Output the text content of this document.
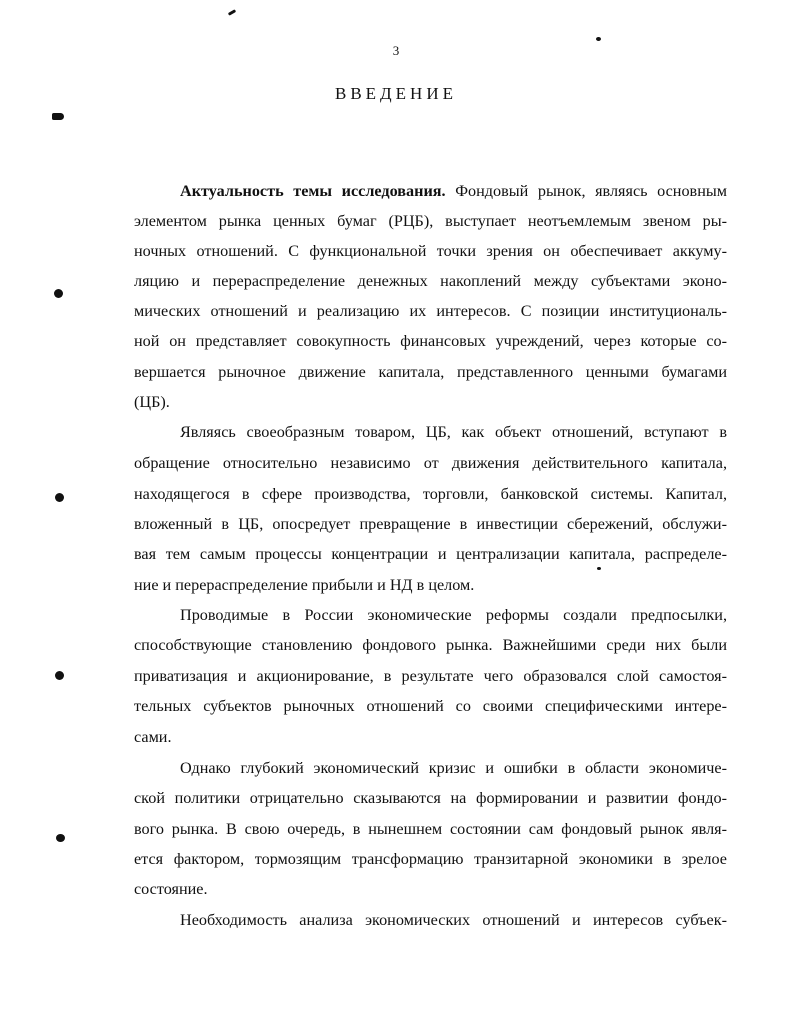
3
ВВЕДЕНИЕ
Актуальность темы исследования. Фондовый рынок, являясь основным
элементом рынка ценных бумаг (РЦБ), выступает неотъемлемым звеном ры-
ночных отношений. С функциональной точки зрения он обеспечивает аккуму-
ляцию и перераспределение денежных накоплений между субъектами эконо-
мических отношений и реализацию их интересов. С позиции институциональ-
ной он представляет совокупность финансовых учреждений, через которые со-
вершается рыночное движение капитала, представленного ценными бумагами
(ЦБ).
Являясь своеобразным товаром, ЦБ, как объект отношений, вступают в
обращение относительно независимо от движения действительного капитала,
находящегося в сфере производства, торговли, банковской системы. Капитал,
вложенный в ЦБ, опосредует превращение в инвестиции сбережений, обслужи-
вая тем самым процессы концентрации и централизации капитала, распределе-
ние и перераспределение прибыли и НД в целом.
Проводимые в России экономические реформы создали предпосылки,
способствующие становлению фондового рынка. Важнейшими среди них были
приватизация и акционирование, в результате чего образовался слой самостоя-
тельных субъектов рыночных отношений со своими специфическими интере-
сами.
Однако глубокий экономический кризис и ошибки в области экономиче-
ской политики отрицательно сказываются на формировании и развитии фондо-
вого рынка. В свою очередь, в нынешнем состоянии сам фондовый рынок явля-
ется фактором, тормозящим трансформацию транзитарной экономики в зрелое
состояние.
Необходимость анализа экономических отношений и интересов субъек-
